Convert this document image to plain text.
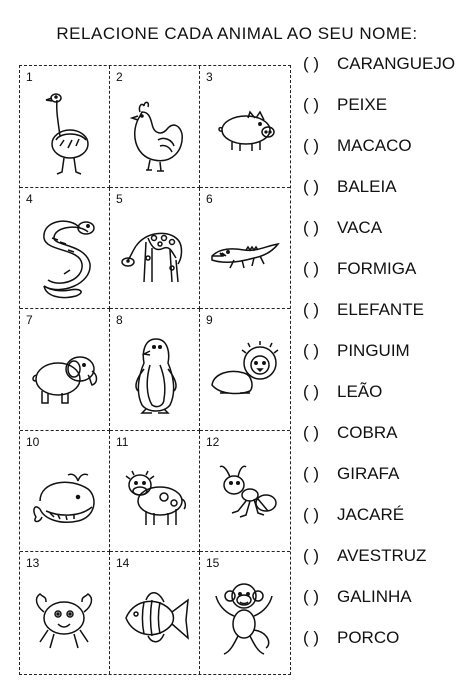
RELACIONE CADA ANIMAL AO SEU NOME:
1	2	3
4	5	6
7	8	9
10	11	12
13	14	15
( )	CARANGUEJO
( )	PEIXE
( )	MACACO
( )	BALEIA
( )	VACA
( )	FORMIGA
( )	ELEFANTE
( )	PINGUIM
( )	LEÃO
( )	COBRA
( )	GIRAFA
( )	JACARÉ
( )	AVESTRUZ
( )	GALINHA
( )	PORCO
